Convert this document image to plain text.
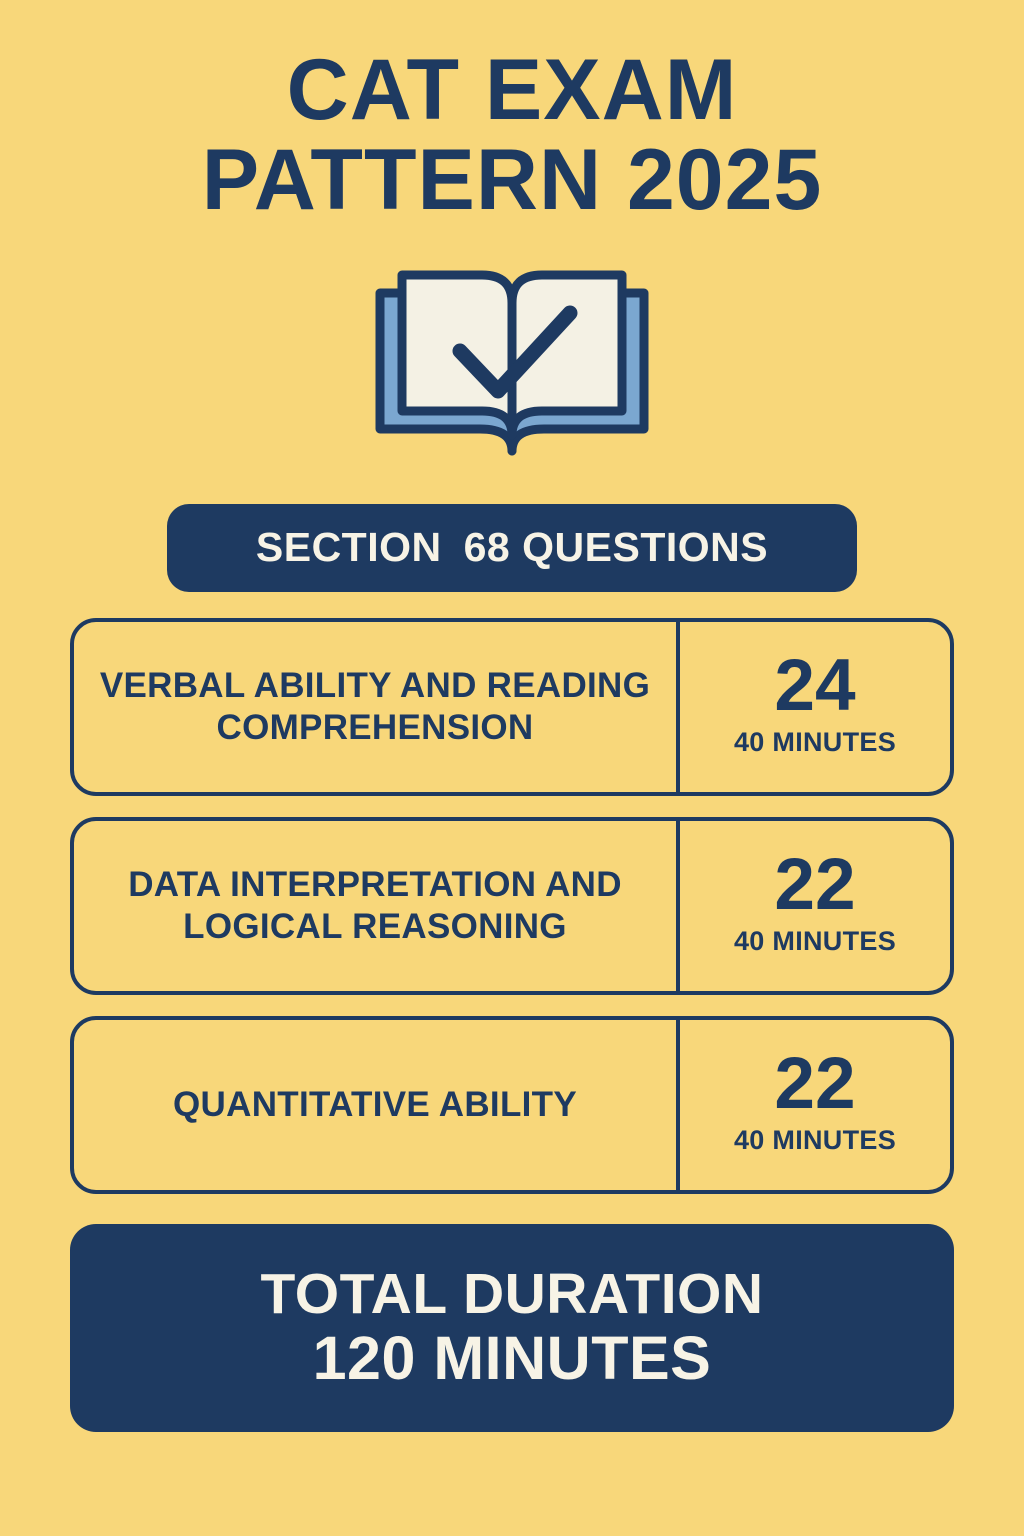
CAT EXAM
PATTERN 2025
SECTION 68 QUESTIONS
VERBAL ABILITY AND READING COMPREHENSION
24
40 MINUTES
DATA INTERPRETATION AND LOGICAL REASONING
22
40 MINUTES
QUANTITATIVE ABILITY	22
40 MINUTES
TOTAL DURATION
120 MINUTES
